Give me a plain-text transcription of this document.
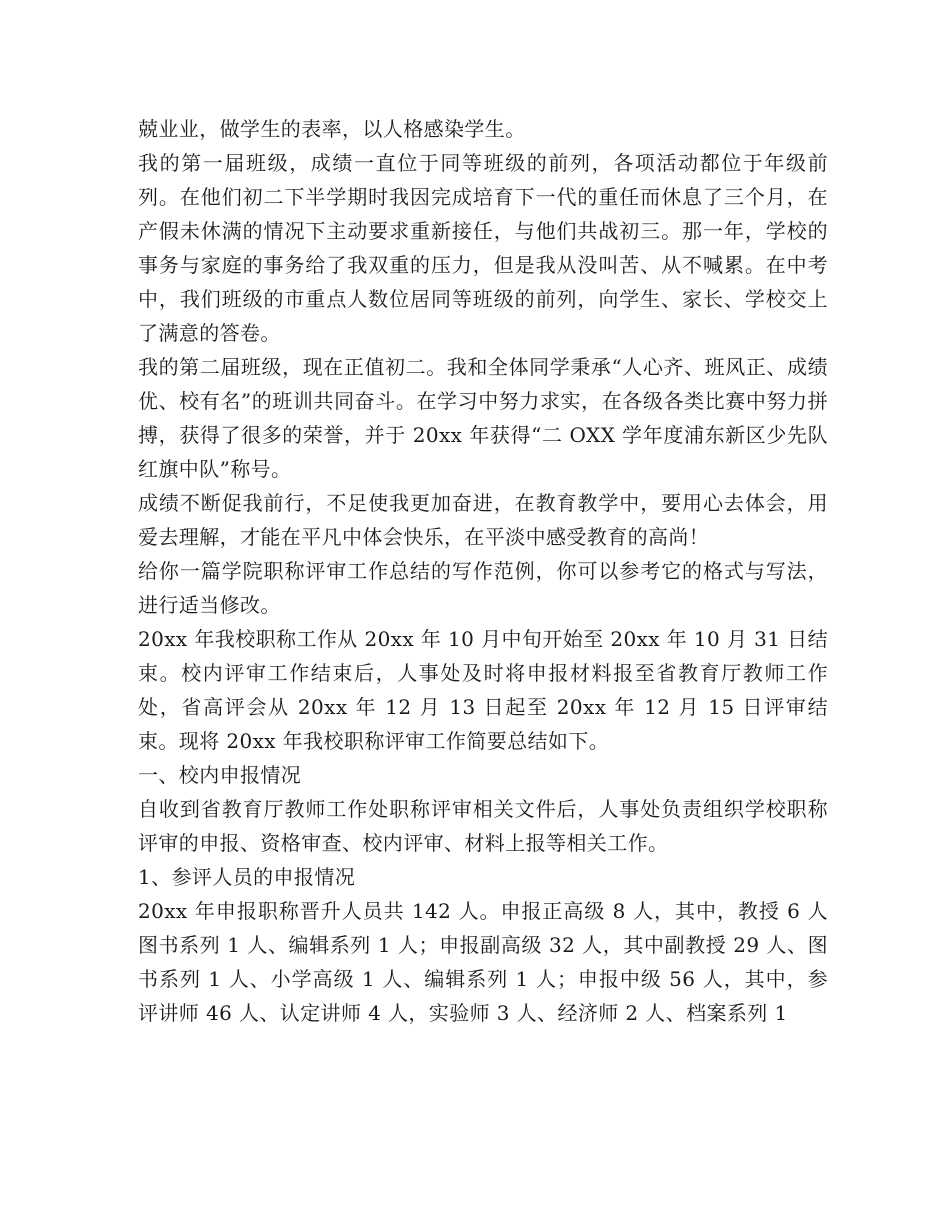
兢业业，做学生的表率，以人格感染学生。

我的第一届班级，成绩一直位于同等班级的前列，各项活动都位于年级前列。在他们初二下半学期时我因完成培育下一代的重任而休息了三个月，在产假未休满的情况下主动要求重新接任，与他们共战初三。那一年，学校的事务与家庭的事务给了我双重的压力，但是我从没叫苦、从不喊累。在中考中，我们班级的市重点人数位居同等班级的前列，向学生、家长、学校交上了满意的答卷。

我的第二届班级，现在正值初二。我和全体同学秉承“人心齐、班风正、成绩优、校有名”的班训共同奋斗。在学习中努力求实，在各级各类比赛中努力拼搏，获得了很多的荣誉，并于 20xx 年获得“二 OXX 学年度浦东新区少先队红旗中队”称号。

成绩不断促我前行，不足使我更加奋进，在教育教学中，要用心去体会，用爱去理解，才能在平凡中体会快乐，在平淡中感受教育的高尚！

给你一篇学院职称评审工作总结的写作范例，你可以参考它的格式与写法，进行适当修改。

20xx 年我校职称工作从 20xx 年 10 月中旬开始至 20xx 年 10 月 31 日结束。校内评审工作结束后，人事处及时将申报材料报至省教育厅教师工作处，省高评会从 20xx 年 12 月 13 日起至 20xx 年 12 月 15 日评审结束。现将 20xx 年我校职称评审工作简要总结如下。

一、校内申报情况

自收到省教育厅教师工作处职称评审相关文件后，人事处负责组织学校职称评审的申报、资格审查、校内评审、材料上报等相关工作。

1、参评人员的申报情况

20xx 年申报职称晋升人员共 142 人。申报正高级 8 人，其中，教授 6 人图书系列 1 人、编辑系列 1 人；申报副高级 32 人，其中副教授 29 人、图书系列 1 人、小学高级 1 人、编辑系列 1 人；申报中级 56 人，其中，参评讲师 46 人、认定讲师 4 人，实验师 3 人、经济师 2 人、档案系列 1
